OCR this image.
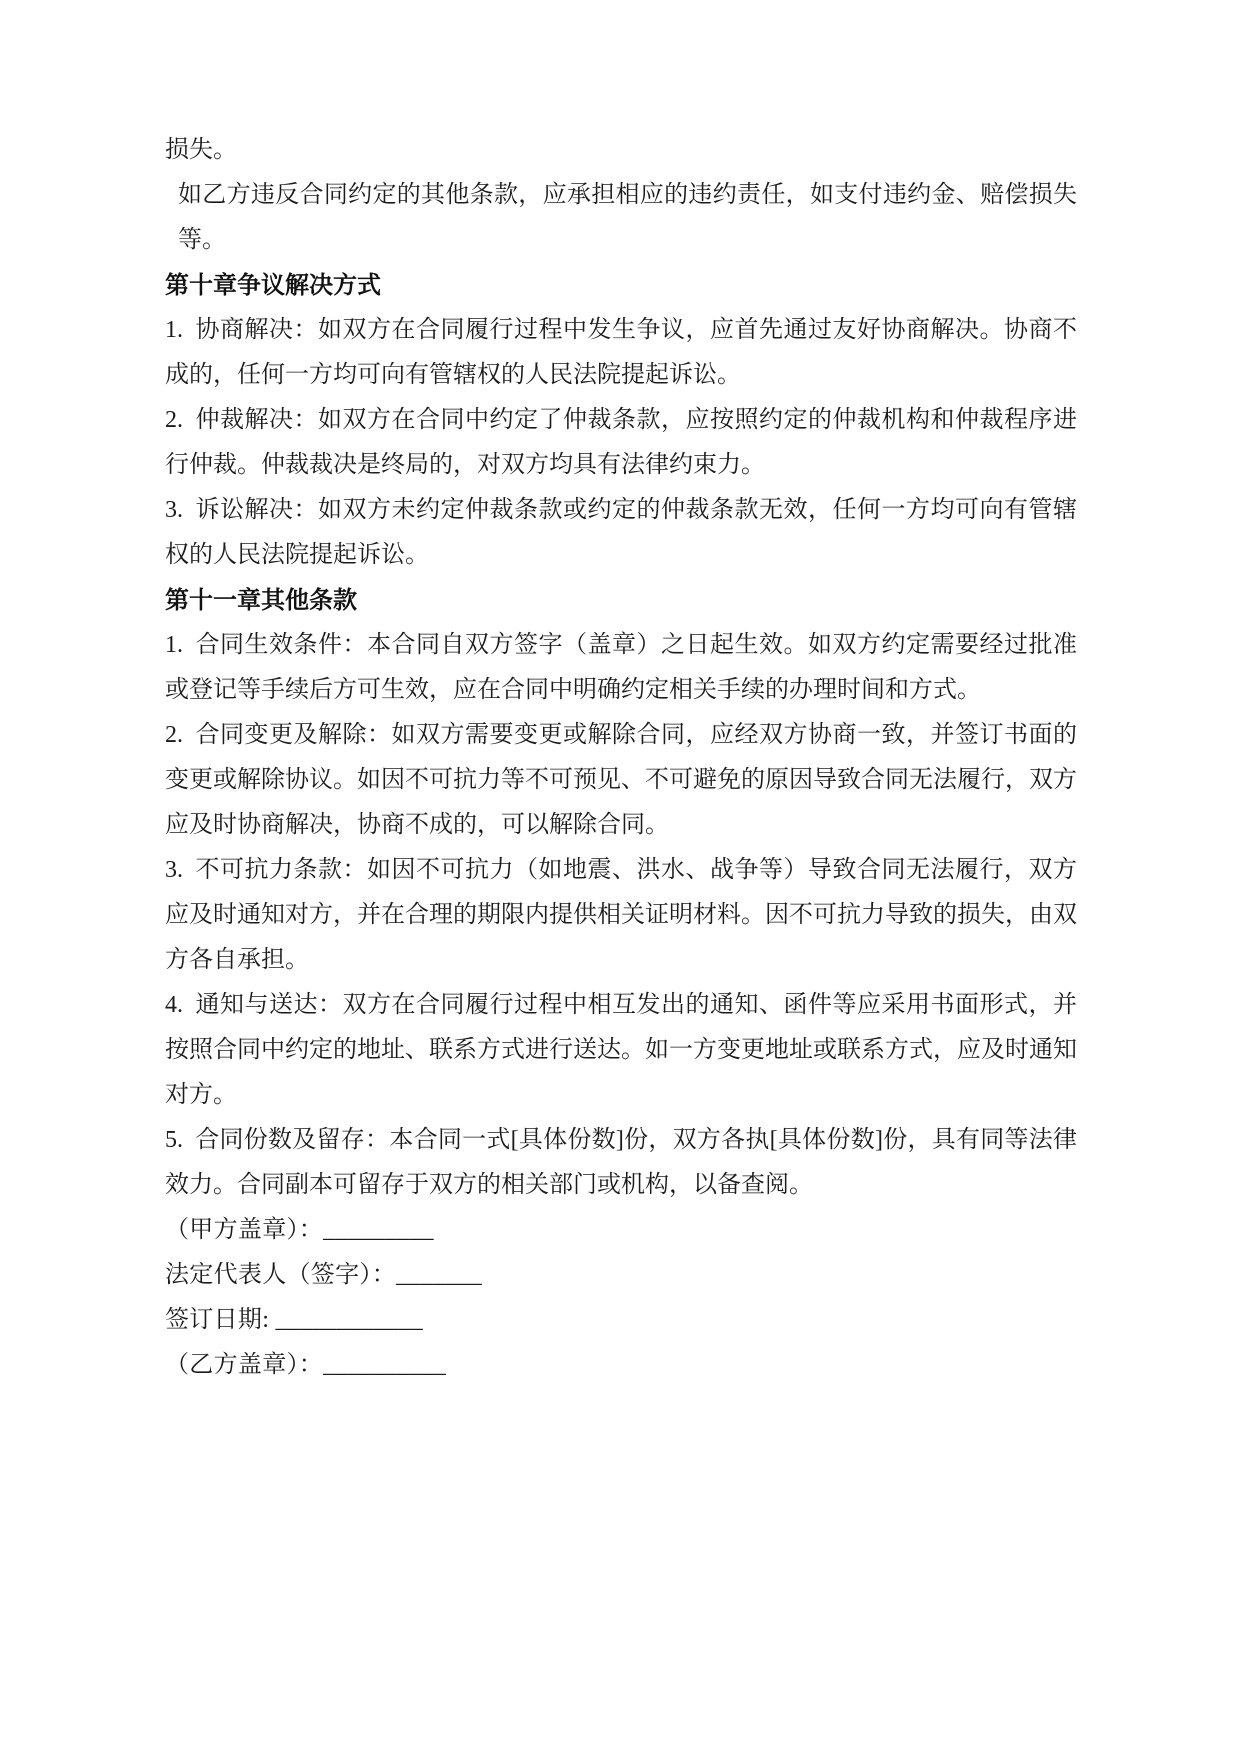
损失。

如乙方违反合同约定的其他条款，应承担相应的违约责任，如支付违约金、赔偿损失等。

第十章争议解决方式

1. 协商解决：如双方在合同履行过程中发生争议，应首先通过友好协商解决。协商不成的，任何一方均可向有管辖权的人民法院提起诉讼。

2. 仲裁解决：如双方在合同中约定了仲裁条款，应按照约定的仲裁机构和仲裁程序进行仲裁。仲裁裁决是终局的，对双方均具有法律约束力。

3. 诉讼解决：如双方未约定仲裁条款或约定的仲裁条款无效，任何一方均可向有管辖权的人民法院提起诉讼。

第十一章其他条款

1. 合同生效条件：本合同自双方签字（盖章）之日起生效。如双方约定需要经过批准或登记等手续后方可生效，应在合同中明确约定相关手续的办理时间和方式。

2. 合同变更及解除：如双方需要变更或解除合同，应经双方协商一致，并签订书面的变更或解除协议。如因不可抗力等不可预见、不可避免的原因导致合同无法履行，双方应及时协商解决，协商不成的，可以解除合同。

3. 不可抗力条款：如因不可抗力（如地震、洪水、战争等）导致合同无法履行，双方应及时通知对方，并在合理的期限内提供相关证明材料。因不可抗力导致的损失，由双方各自承担。

4. 通知与送达：双方在合同履行过程中相互发出的通知、函件等应采用书面形式，并按照合同中约定的地址、联系方式进行送达。如一方变更地址或联系方式，应及时通知对方。

5. 合同份数及留存：本合同一式[具体份数]份，双方各执[具体份数]份，具有同等法律效力。合同副本可留存于双方的相关部门或机构，以备查阅。

（甲方盖章）：_________

法定代表人（签字）：_______

签订日期: ____________

（乙方盖章）：__________
